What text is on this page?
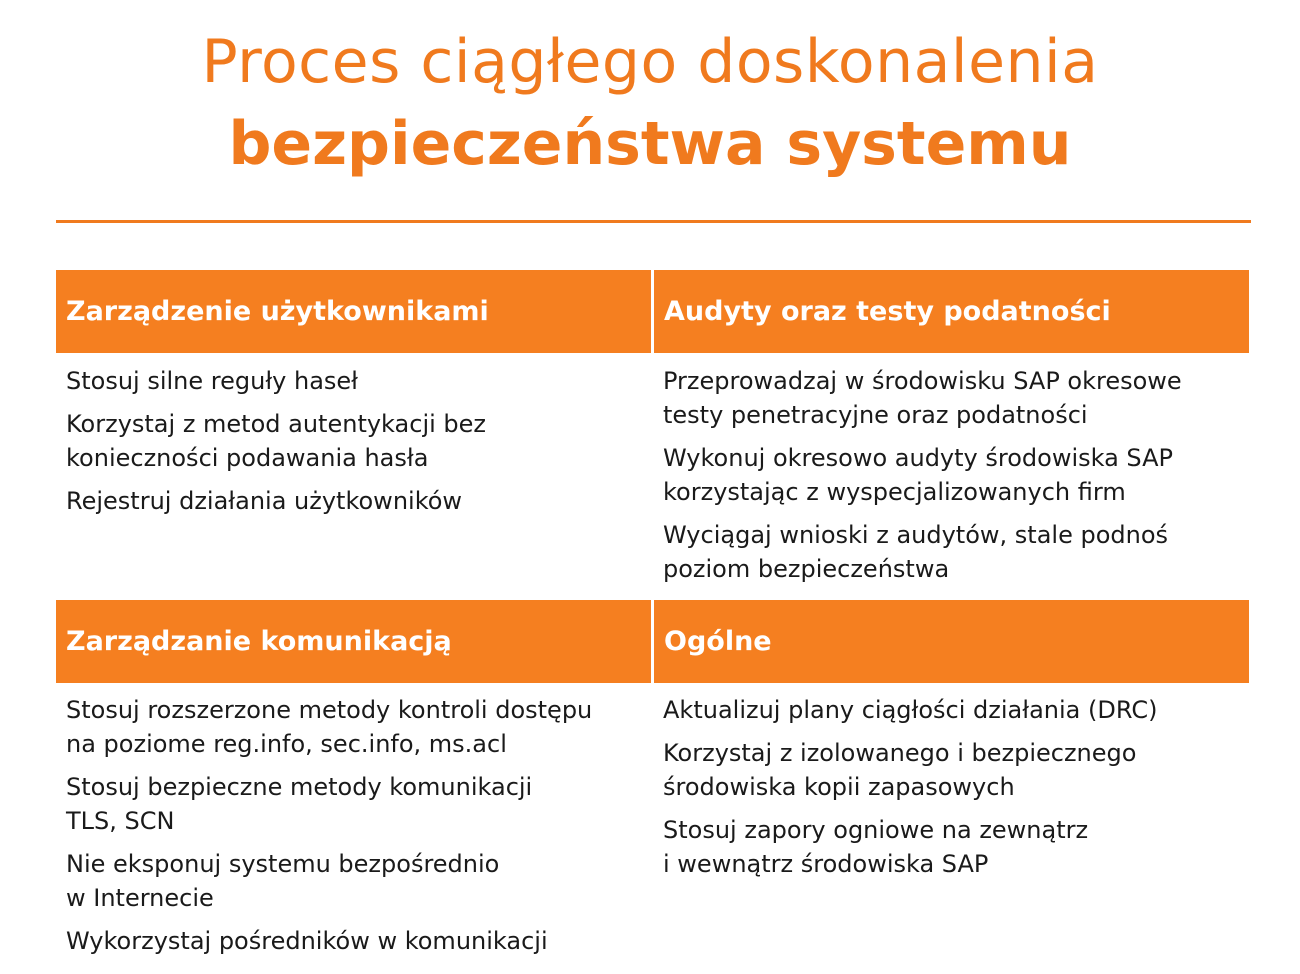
Proces ciągłego doskonalenia
bezpieczeństwa systemu
Zarządzenie użytkownikami
Stosuj silne reguły haseł
Korzystaj z metod autentykacji bez
konieczności podawania hasła
Rejestruj działania użytkowników
Audyty oraz testy podatności
Przeprowadzaj w środowisku SAP okresowe
testy penetracyjne oraz podatności
Wykonuj okresowo audyty środowiska SAP
korzystając z wyspecjalizowanych firm
Wyciągaj wnioski z audytów, stale podnoś
poziom bezpieczeństwa
Zarządzanie komunikacją
Stosuj rozszerzone metody kontroli dostępu
na poziome reg.info, sec.info, ms.acl
Stosuj bezpieczne metody komunikacji
TLS, SCN
Nie eksponuj systemu bezpośrednio
w Internecie
Wykorzystaj pośredników w komunikacji
Ogólne
Aktualizuj plany ciągłości działania (DRC)
Korzystaj z izolowanego i bezpiecznego
środowiska kopii zapasowych
Stosuj zapory ogniowe na zewnątrz
i wewnątrz środowiska SAP
